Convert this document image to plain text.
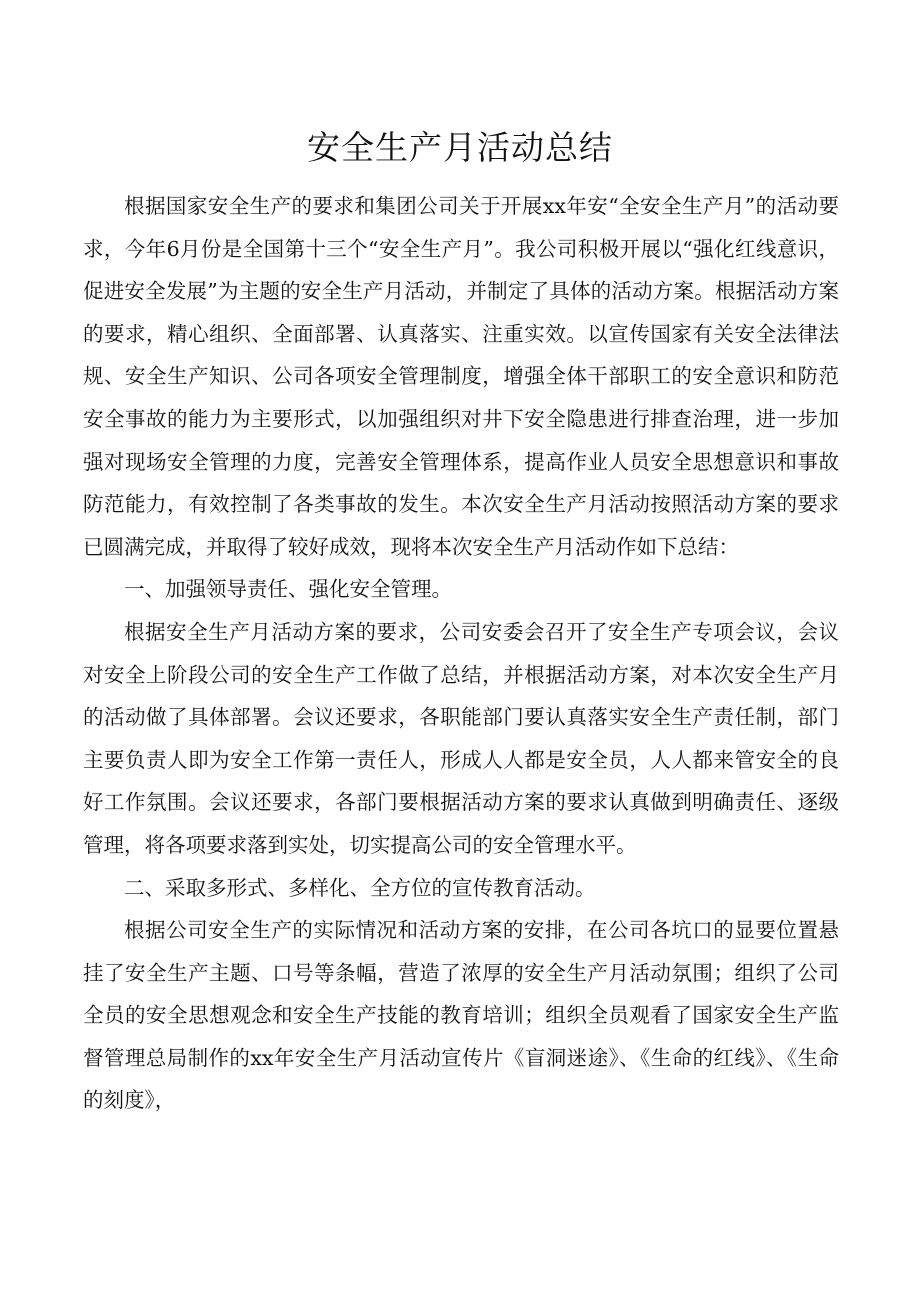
安全生产月活动总结

根据国家安全生产的要求和集团公司关于开展xx年安“全安全生产月”的活动要求，今年6月份是全国第十三个“安全生产月”。我公司积极开展以“强化红线意识，促进安全发展”为主题的安全生产月活动，并制定了具体的活动方案。根据活动方案的要求，精心组织、全面部署、认真落实、注重实效。以宣传国家有关安全法律法规、安全生产知识、公司各项安全管理制度，增强全体干部职工的安全意识和防范安全事故的能力为主要形式，以加强组织对井下安全隐患进行排查治理，进一步加强对现场安全管理的力度，完善安全管理体系，提高作业人员安全思想意识和事故防范能力，有效控制了各类事故的发生。本次安全生产月活动按照活动方案的要求已圆满完成，并取得了较好成效，现将本次安全生产月活动作如下总结：

一、加强领导责任、强化安全管理。

根据安全生产月活动方案的要求，公司安委会召开了安全生产专项会议，会议对安全上阶段公司的安全生产工作做了总结，并根据活动方案，对本次安全生产月的活动做了具体部署。会议还要求，各职能部门要认真落实安全生产责任制，部门主要负责人即为安全工作第一责任人，形成人人都是安全员，人人都来管安全的良好工作氛围。会议还要求，各部门要根据活动方案的要求认真做到明确责任、逐级管理，将各项要求落到实处，切实提高公司的安全管理水平。

二、采取多形式、多样化、全方位的宣传教育活动。

根据公司安全生产的实际情况和活动方案的安排，在公司各坑口的显要位置悬挂了安全生产主题、口号等条幅，营造了浓厚的安全生产月活动氛围；组织了公司全员的安全思想观念和安全生产技能的教育培训；组织全员观看了国家安全生产监督管理总局制作的xx年安全生产月活动宣传片《盲洞迷途》、《生命的红线》、《生命的刻度》，
